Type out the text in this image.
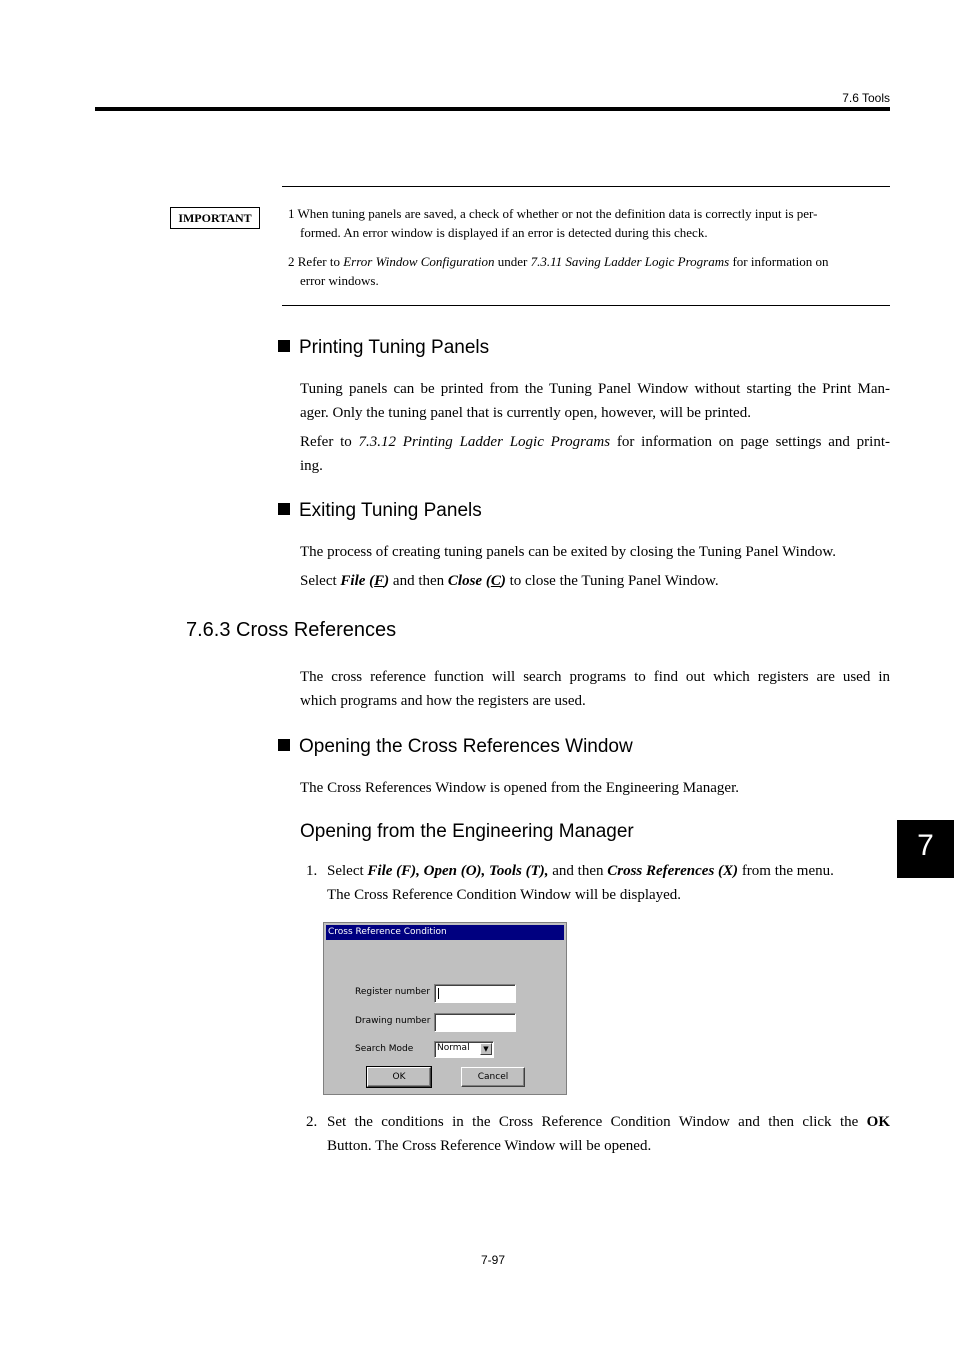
7.6 Tools
IMPORTANT	1 When tuning panels are saved, a check of whether or not the definition data is correctly input is per-
formed. An error window is displayed if an error is detected during this check.
2 Refer to Error Window Configuration under 7.3.11 Saving Ladder Logic Programs for information on
error windows.
Printing Tuning Panels
Tuning panels can be printed from the Tuning Panel Window without starting the Print Man-
ager. Only the tuning panel that is currently open, however, will be printed.
Refer to 7.3.12 Printing Ladder Logic Programs for information on page settings and print-
ing.
Exiting Tuning Panels
The process of creating tuning panels can be exited by closing the Tuning Panel Window.
Select File (F) and then Close (C) to close the Tuning Panel Window.
7.6.3 Cross References
The cross reference function will search programs to find out which registers are used in
which programs and how the registers are used.
Opening the Cross References Window
The Cross References Window is opened from the Engineering Manager.
Opening from the Engineering Manager
1. Select File (F), Open (O), Tools (T), and then Cross References (X) from the menu.
The Cross Reference Condition Window will be displayed.
Cross Reference Condition
Register number
Drawing number
Search Mode	Normal	▼
OK	Cancel
2. Set the conditions in the Cross Reference Condition Window and then click the OK
Button. The Cross Reference Window will be opened.
7
7-97
